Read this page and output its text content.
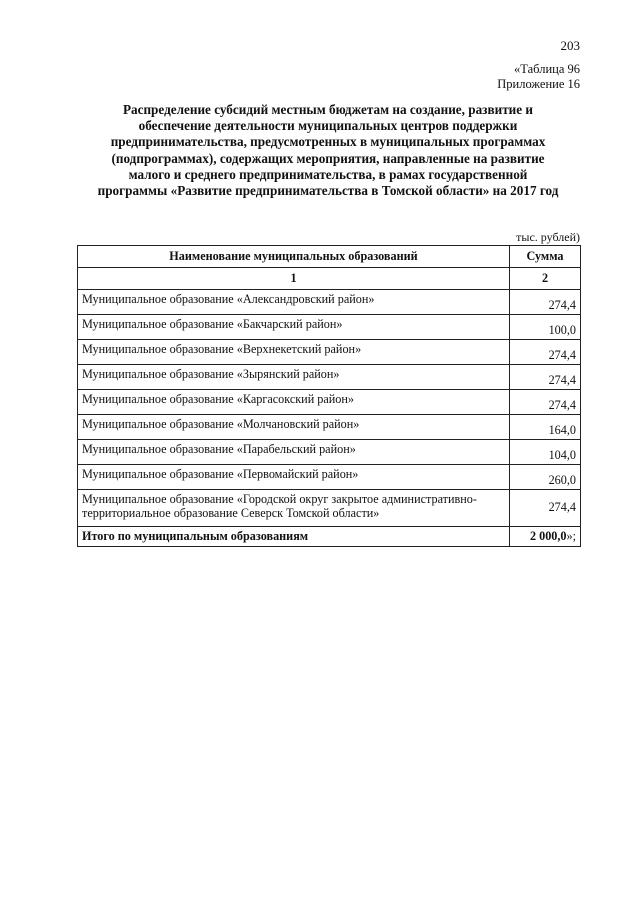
203
«Таблица 96
Приложение 16
Распределение субсидий местным бюджетам на создание, развитие и
обеспечение деятельности муниципальных центров поддержки
предпринимательства, предусмотренных в муниципальных программах
(подпрограммах), содержащих мероприятия, направленные на развитие
малого и среднего предпринимательства, в рамах государственной
программы «Развитие предпринимательства в Томской области» на 2017 год
тыс. рублей)
Наименование муниципальных образований	Сумма
1	2
Муниципальное образование «Александровский район»	274,4
Муниципальное образование «Бакчарский район»	100,0
Муниципальное образование «Верхнекетский район»	274,4
Муниципальное образование «Зырянский район»	274,4
Муниципальное образование «Каргасокский район»	274,4
Муниципальное образование «Молчановский район»	164,0
Муниципальное образование «Парабельский район»	104,0
Муниципальное образование «Первомайский район»	260,0
Муниципальное образование «Городской округ закрытое административно-территориальное образование Северск Томской области»	274,4
Итого по муниципальным образованиям	2 000,0»;
